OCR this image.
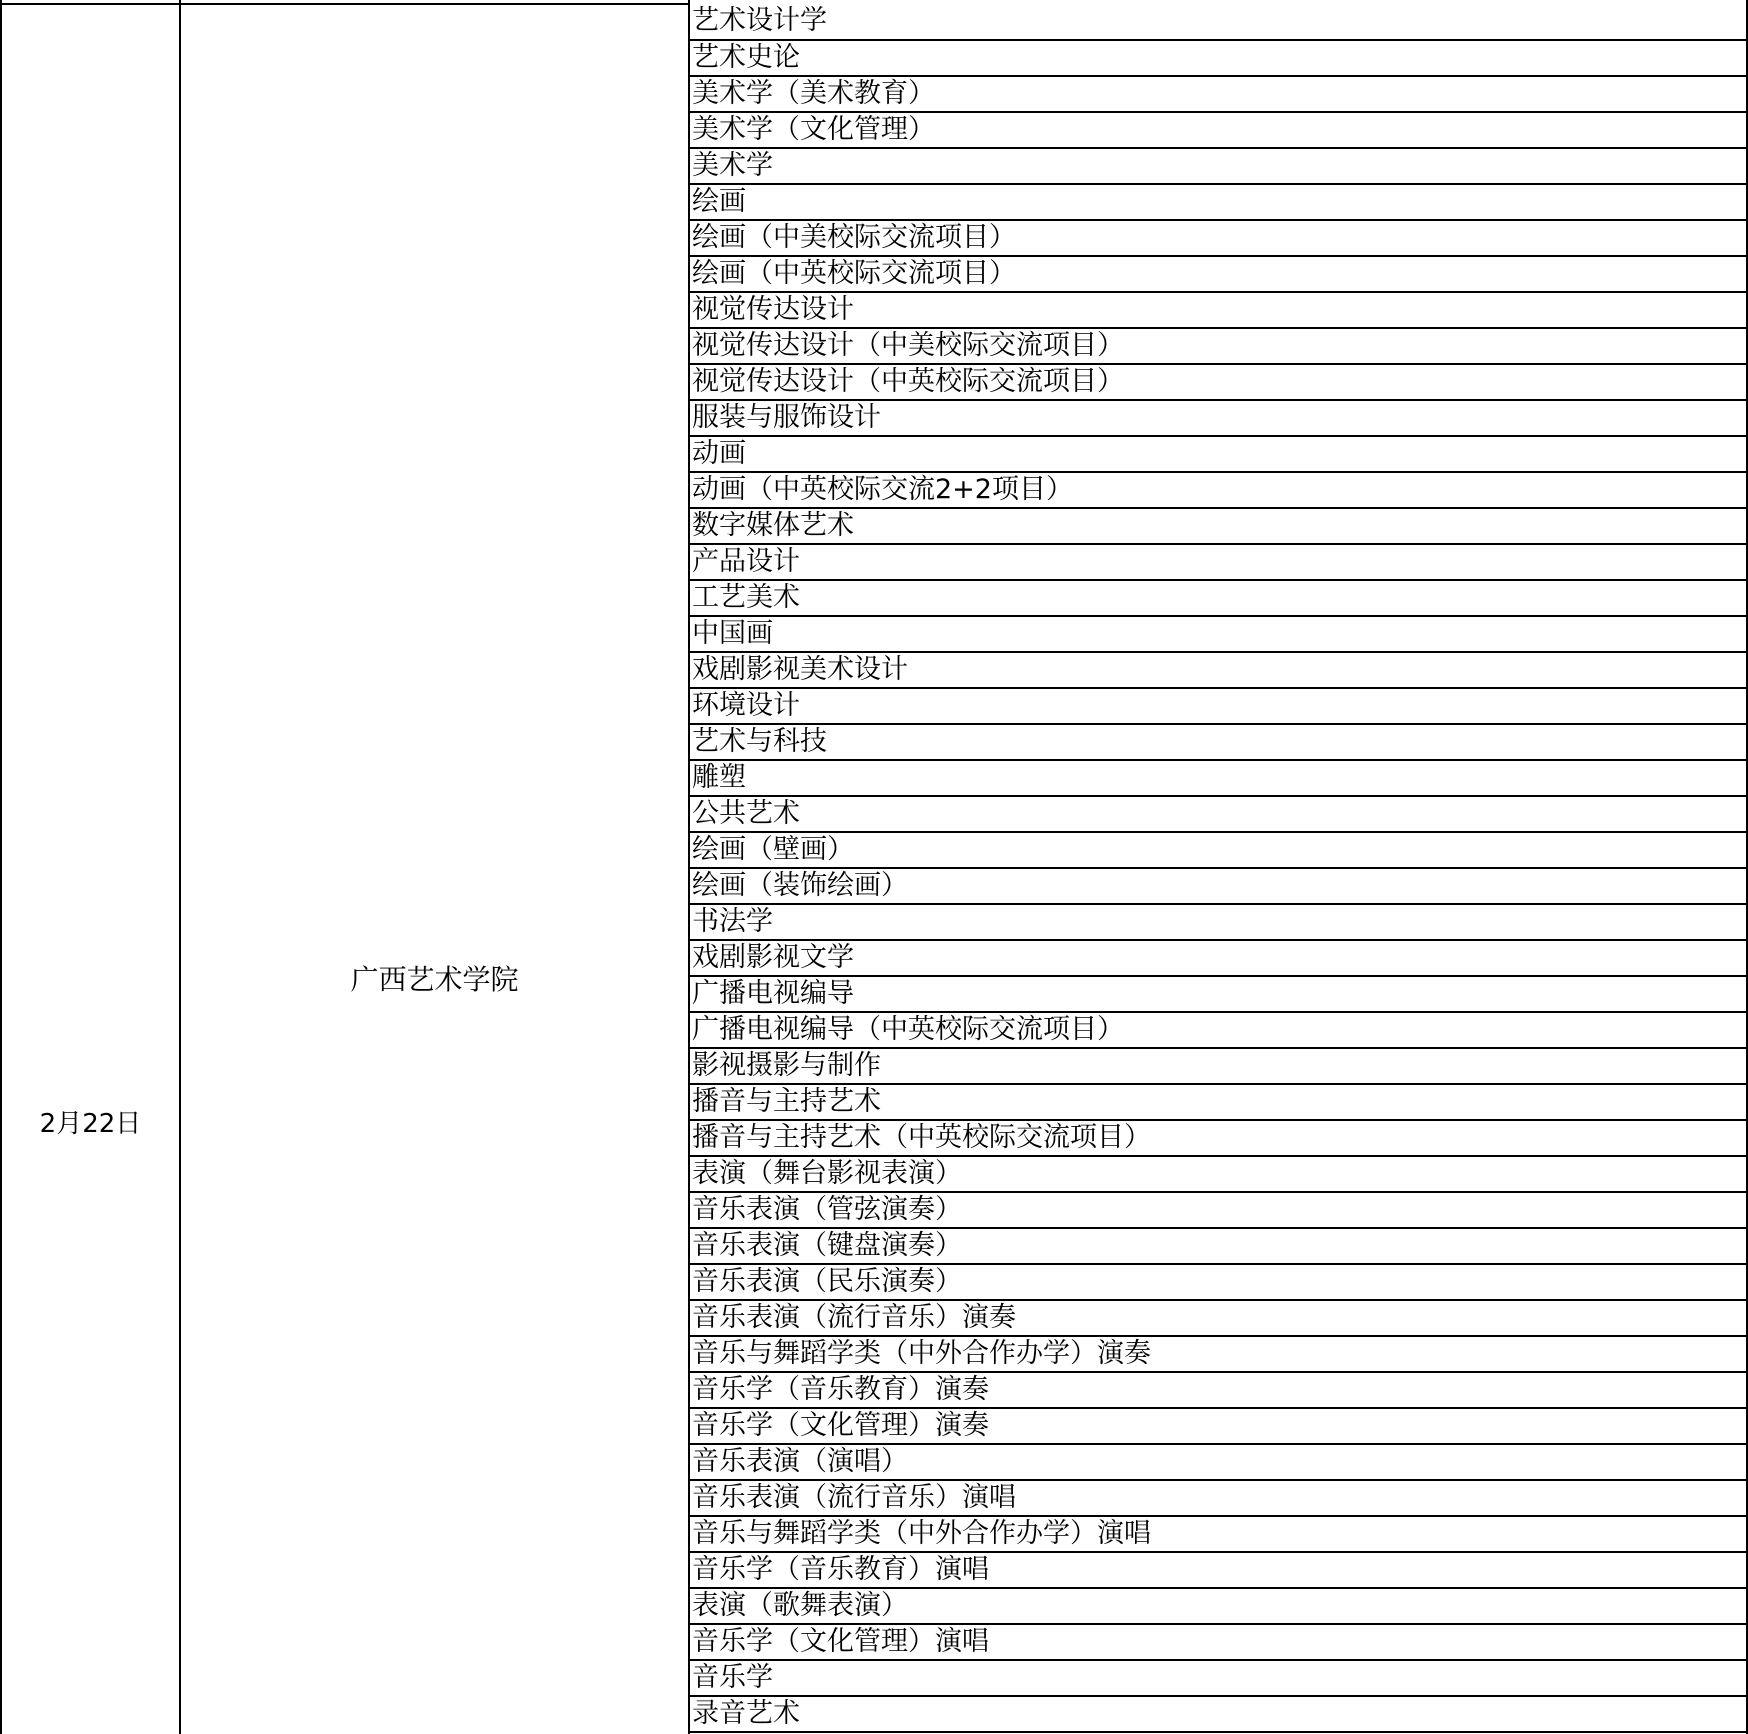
2月22日
广西艺术学院
艺术设计学
艺术史论
美术学（美术教育）
美术学（文化管理）
美术学
绘画
绘画（中美校际交流项目）
绘画（中英校际交流项目）
视觉传达设计
视觉传达设计（中美校际交流项目）
视觉传达设计（中英校际交流项目）
服装与服饰设计
动画
动画（中英校际交流2+2项目）
数字媒体艺术
产品设计
工艺美术
中国画
戏剧影视美术设计
环境设计
艺术与科技
雕塑
公共艺术
绘画（壁画）
绘画（装饰绘画）
书法学
戏剧影视文学
广播电视编导
广播电视编导（中英校际交流项目）
影视摄影与制作
播音与主持艺术
播音与主持艺术（中英校际交流项目）
表演（舞台影视表演）
音乐表演（管弦演奏）
音乐表演（键盘演奏）
音乐表演（民乐演奏）
音乐表演（流行音乐）演奏
音乐与舞蹈学类（中外合作办学）演奏
音乐学（音乐教育）演奏
音乐学（文化管理）演奏
音乐表演（演唱）
音乐表演（流行音乐）演唱
音乐与舞蹈学类（中外合作办学）演唱
音乐学（音乐教育）演唱
表演（歌舞表演）
音乐学（文化管理）演唱
音乐学
录音艺术
